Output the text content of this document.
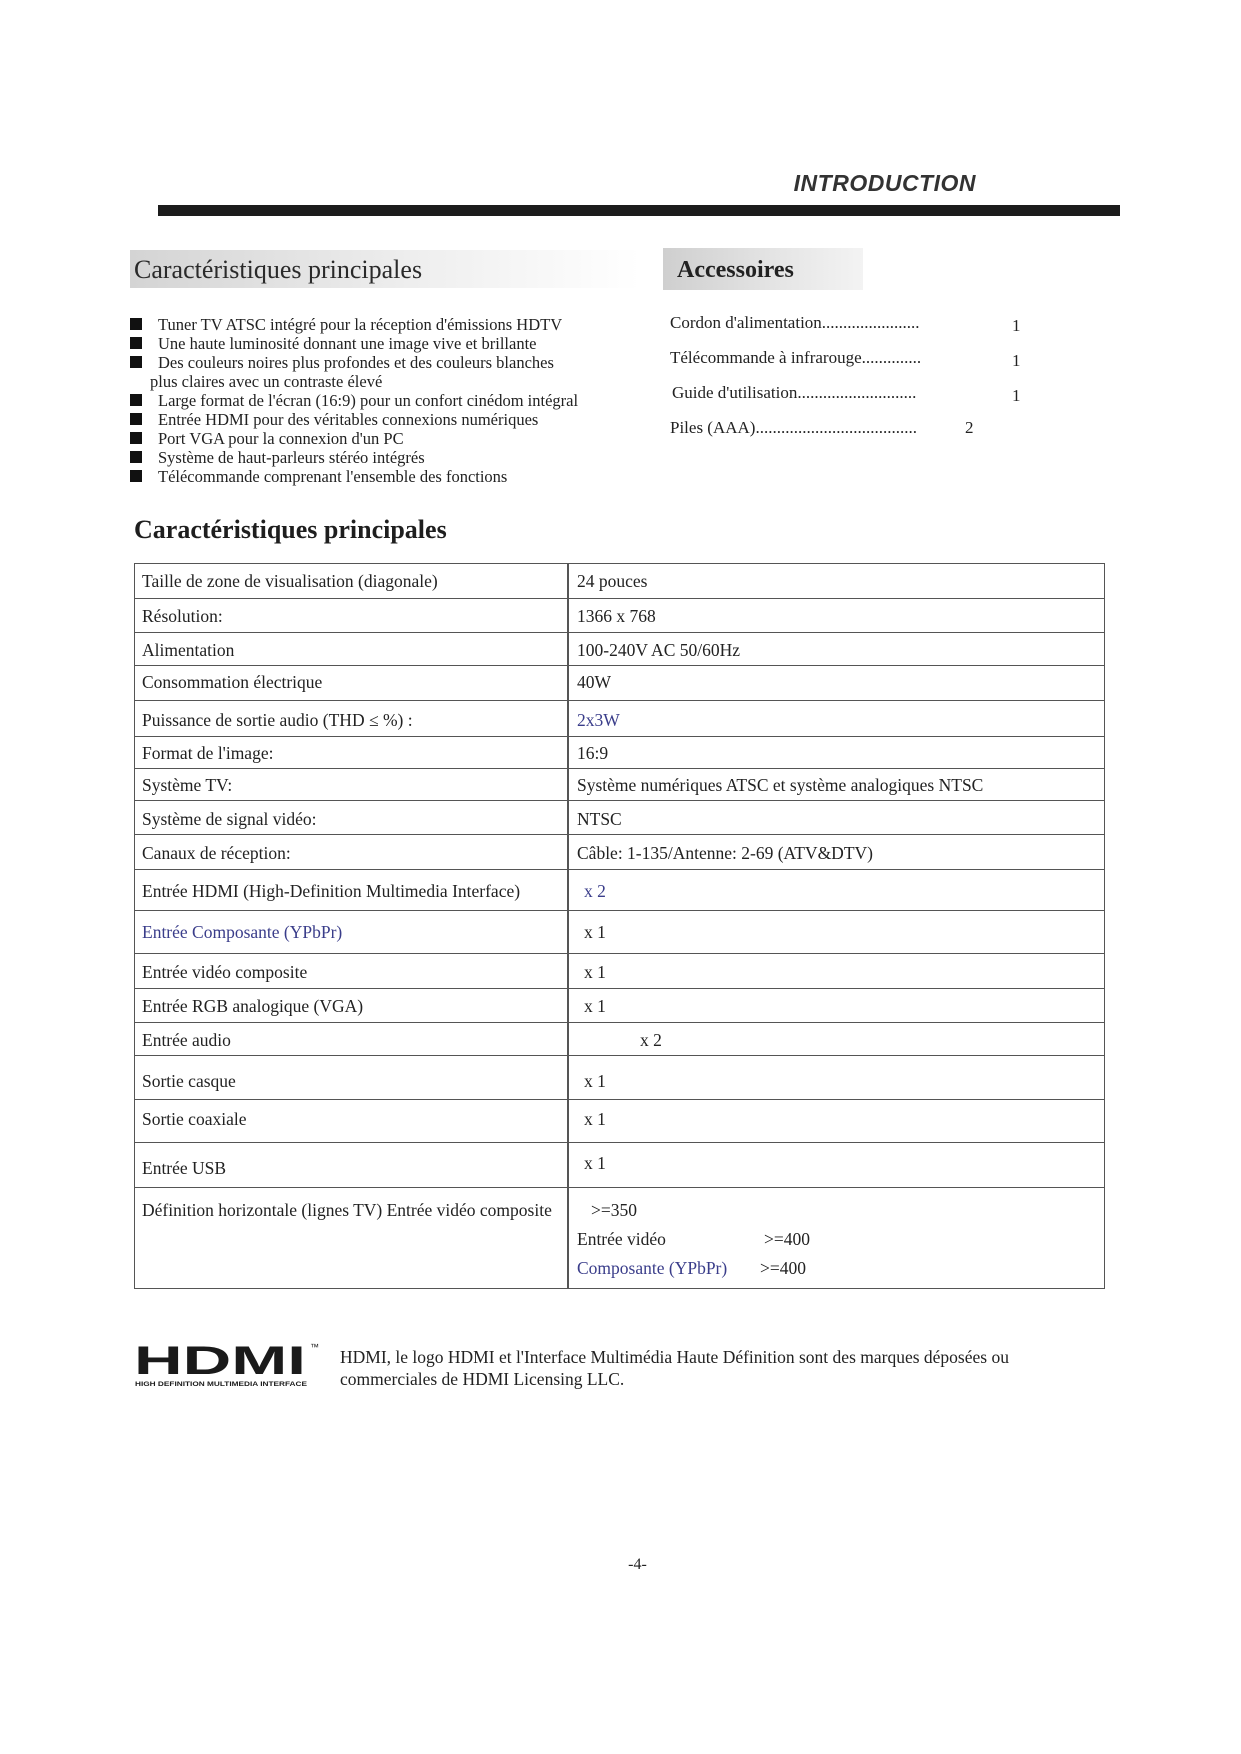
INTRODUCTION
Caractéristiques principales	Accessoires
Tuner TV ATSC intégré pour la réception d'émissions HDTV
Une haute luminosité donnant une image vive et brillante
Des couleurs noires plus profondes et des couleurs blanches
plus claires avec un contraste élevé
Large format de l'écran (16:9) pour un confort cinédom intégral
Entrée HDMI pour des véritables connexions numériques
Port VGA pour la connexion d'un PC
Système de haut-parleurs stéréo intégrés
Télécommande comprenant l'ensemble des fonctions
Cordon d'alimentation.......................	1
Télécommande à infrarouge..............	1
Guide d'utilisation............................	1
Piles (AAA)......................................	2
Caractéristiques principales
Taille de zone de visualisation (diagonale)	24 pouces
Résolution:	1366 x 768
Alimentation	100-240V AC 50/60Hz
Consommation électrique	40W
Puissance de sortie audio (THD ≤ %) :	2x3W
Format de l'image:	16:9
Système TV:	Système numériques ATSC et système analogiques NTSC
Système de signal vidéo:	NTSC
Canaux de réception:	Câble: 1-135/Antenne: 2-69 (ATV&DTV)
Entrée HDMI (High-Definition Multimedia Interface)	x 2
Entrée Composante (YPbPr)	x 1
Entrée vidéo composite	x 1
Entrée RGB analogique (VGA)	x 1
Entrée audio	x 2
Sortie casque	x 1
Sortie coaxiale	x 1
Entrée USB	x 1
Définition horizontale (lignes TV) Entrée vidéo composite >=350
Entrée vidéo	>=400
Composante (YPbPr) >=400
HDMI ™
HIGH DEFINITION MULTIMEDIA INTERFACE
HDMI, le logo HDMI et l'Interface Multimédia Haute Définition sont des marques déposées ou commerciales de HDMI Licensing LLC.
-4-
